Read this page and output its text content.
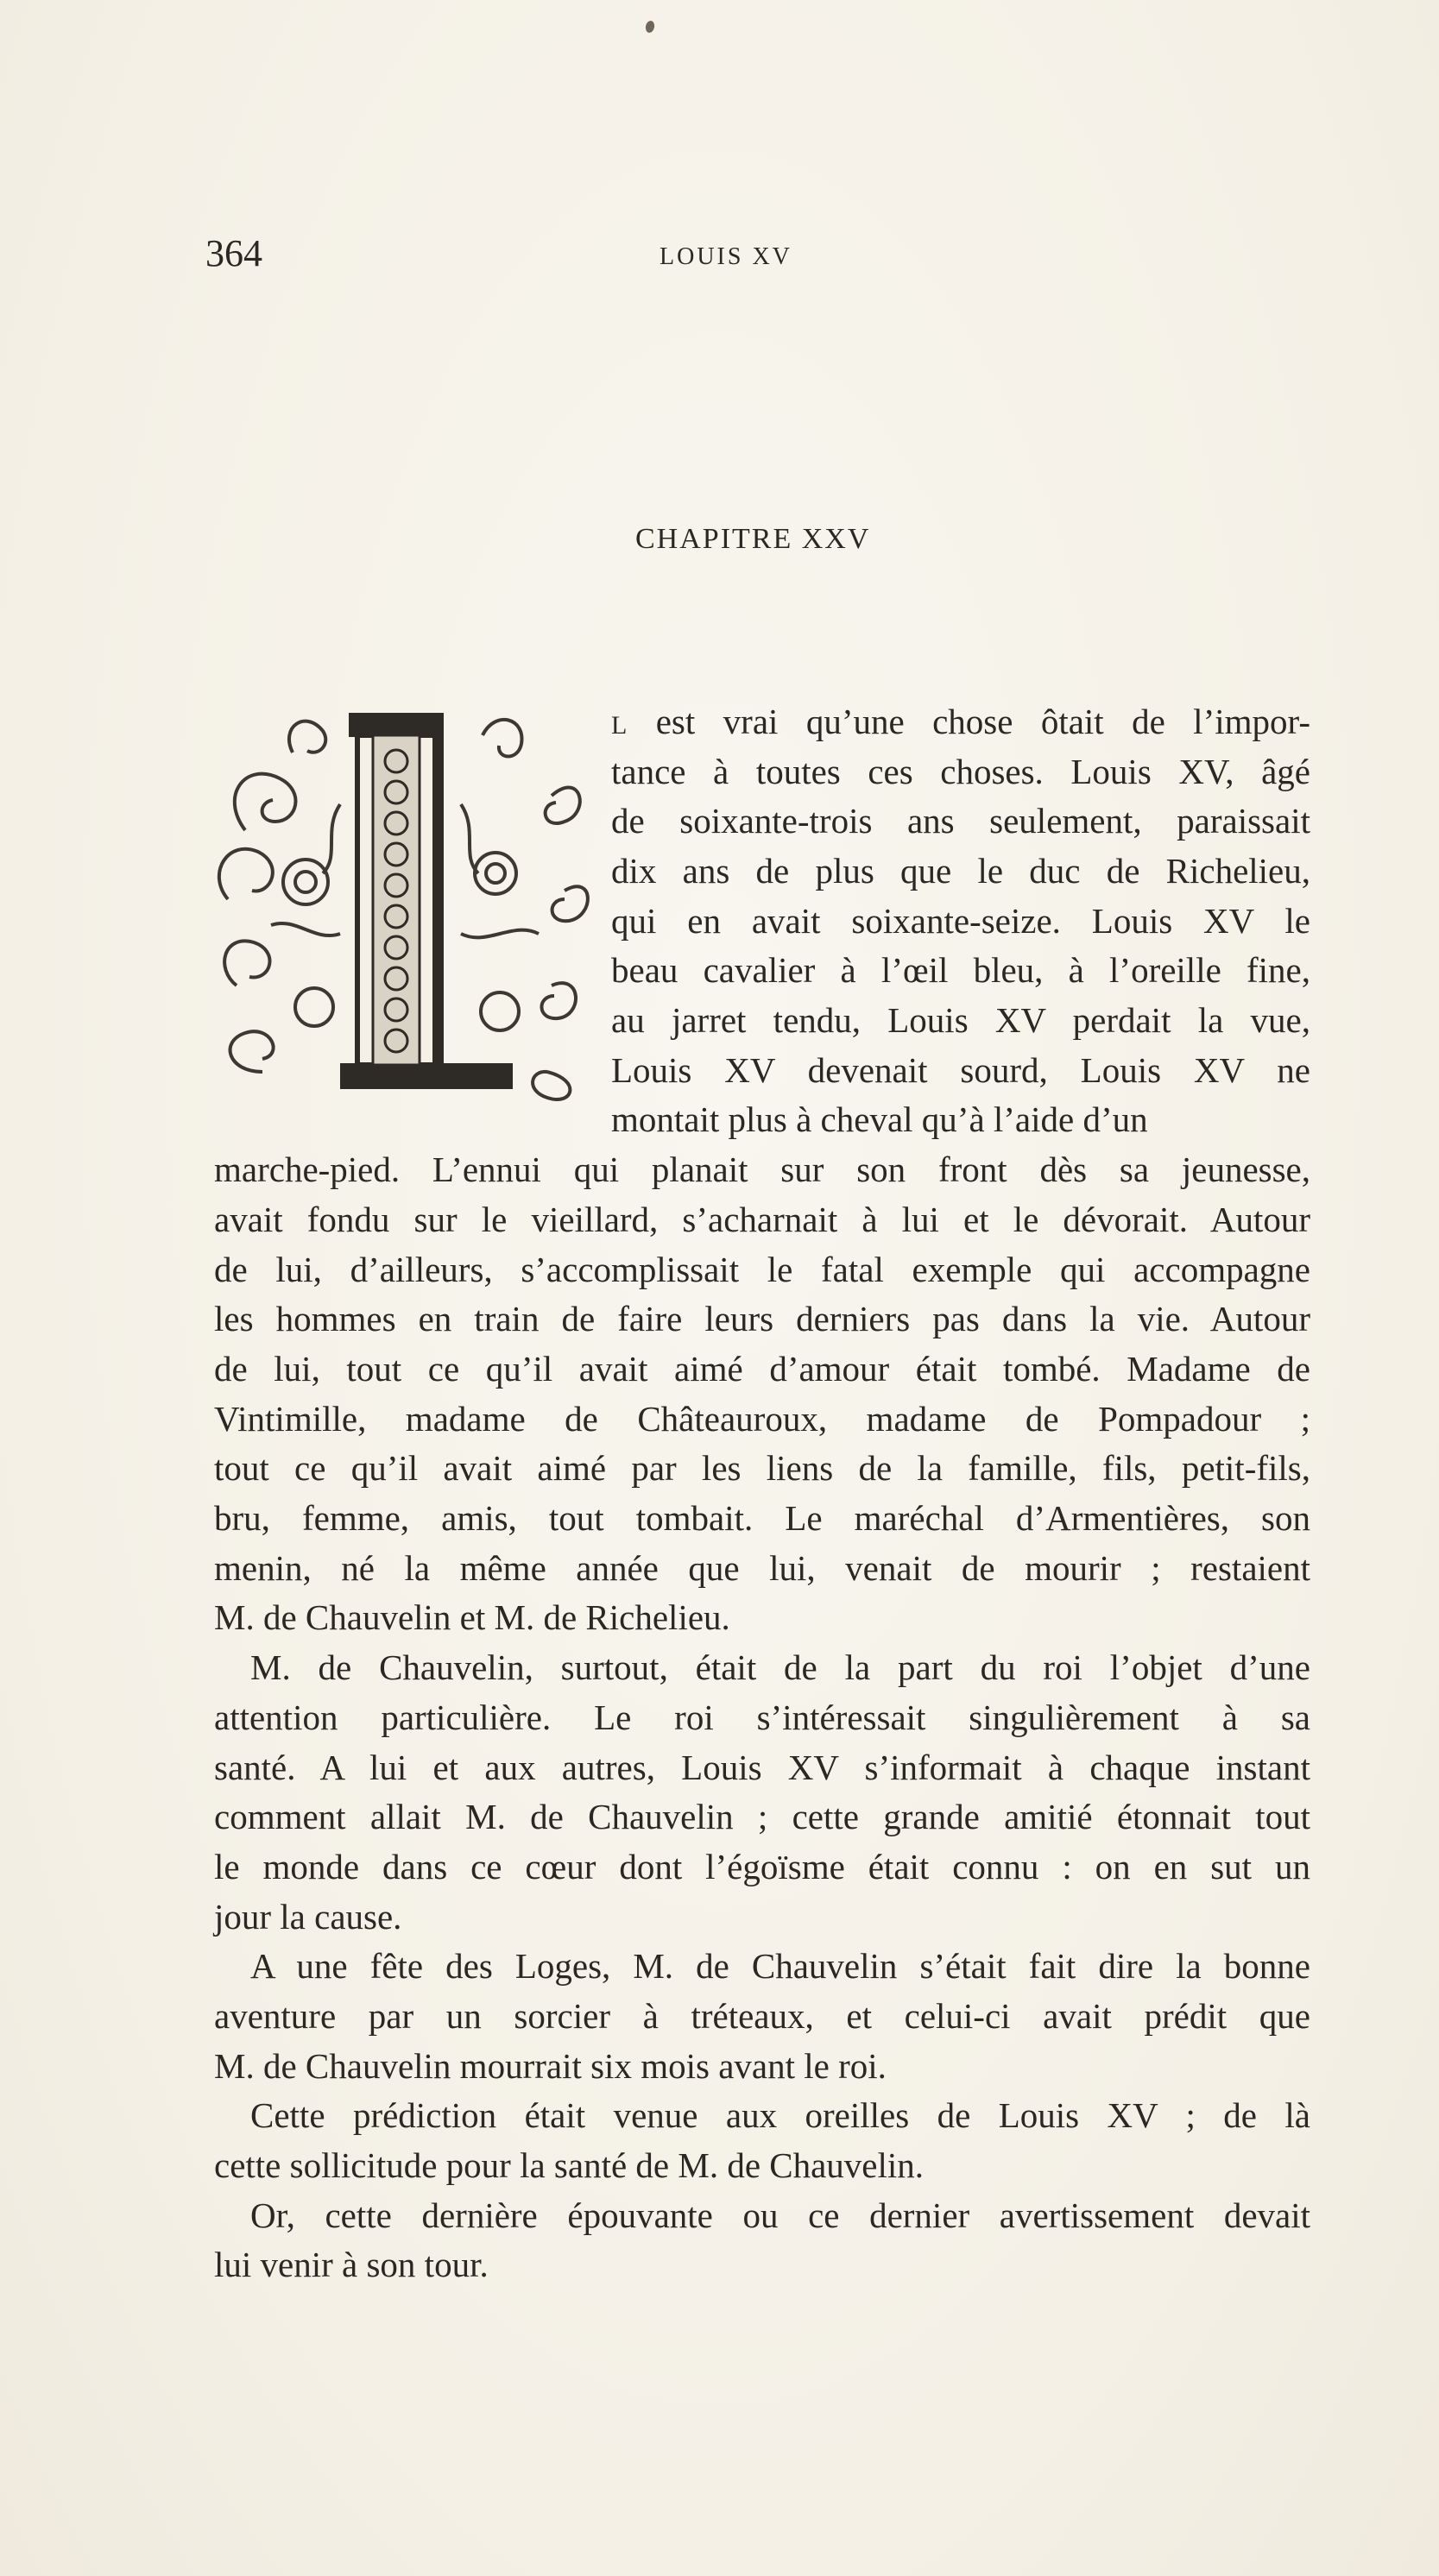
364	LOUIS XV
CHAPITRE XXV
L est vrai qu’une chose ôtait de l’impor-
tance à toutes ces choses. Louis XV, âgé
de soixante-trois ans seulement, paraissait
dix ans de plus que le duc de Richelieu,
qui en avait soixante-seize. Louis XV le
beau cavalier à l’œil bleu, à l’oreille fine,
au jarret tendu, Louis XV perdait la vue,
Louis XV devenait sourd, Louis XV ne
montait plus à cheval qu’à l’aide d’un
marche-pied. L’ennui qui planait sur son front dès sa jeunesse,
avait fondu sur le vieillard, s’acharnait à lui et le dévorait. Autour
de lui, d’ailleurs, s’accomplissait le fatal exemple qui accompagne
les hommes en train de faire leurs derniers pas dans la vie. Autour
de lui, tout ce qu’il avait aimé d’amour était tombé. Madame de
Vintimille, madame de Châteauroux, madame de Pompadour ;
tout ce qu’il avait aimé par les liens de la famille, fils, petit-fils,
bru, femme, amis, tout tombait. Le maréchal d’Armentières, son
menin, né la même année que lui, venait de mourir ; restaient
M. de Chauvelin et M. de Richelieu.
M. de Chauvelin, surtout, était de la part du roi l’objet d’une
attention particulière. Le roi s’intéressait singulièrement à sa
santé. A lui et aux autres, Louis XV s’informait à chaque instant
comment allait M. de Chauvelin ; cette grande amitié étonnait tout
le monde dans ce cœur dont l’égoïsme était connu : on en sut un
jour la cause.
A une fête des Loges, M. de Chauvelin s’était fait dire la bonne
aventure par un sorcier à tréteaux, et celui-ci avait prédit que
M. de Chauvelin mourrait six mois avant le roi.
Cette prédiction était venue aux oreilles de Louis XV ; de là
cette sollicitude pour la santé de M. de Chauvelin.
Or, cette dernière épouvante ou ce dernier avertissement devait
lui venir à son tour.
